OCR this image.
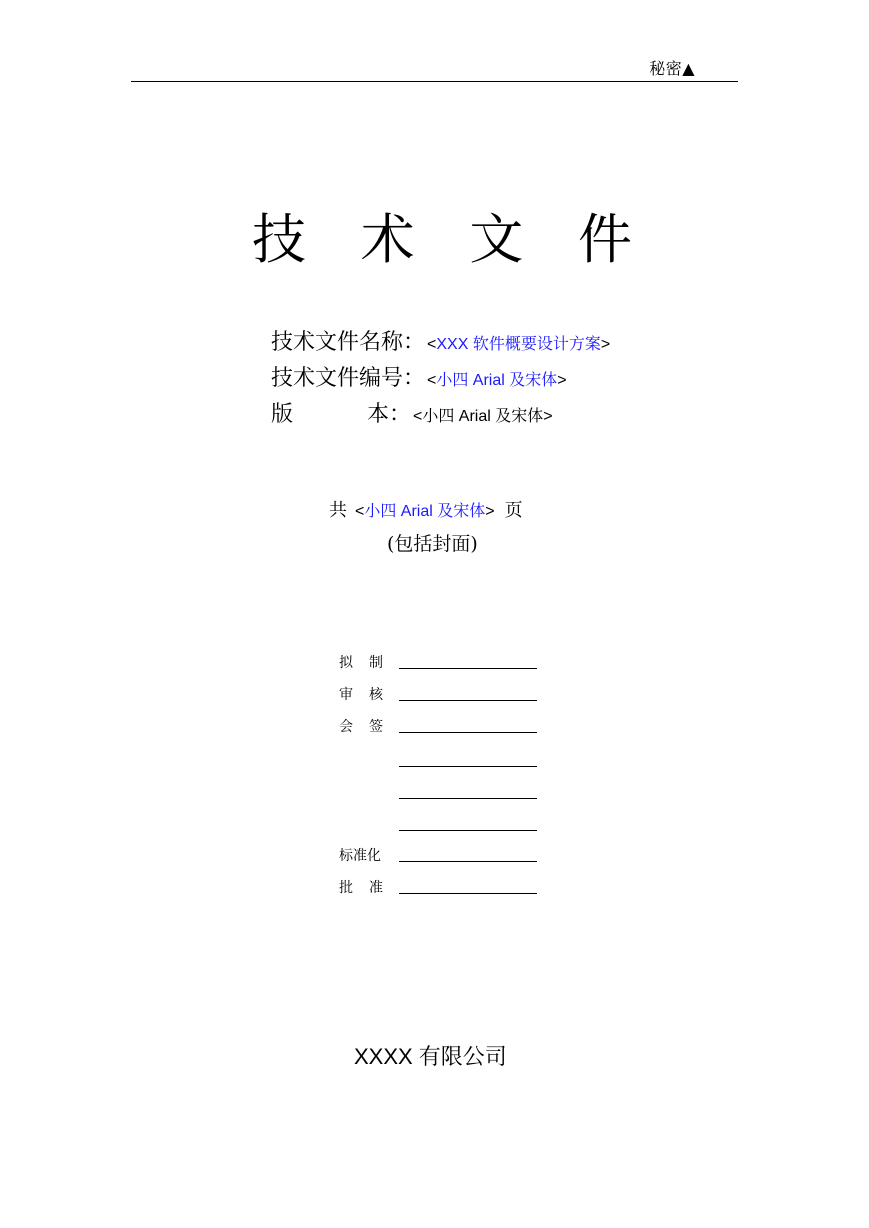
秘密▲
技 术 文 件
技术文件名称： <XXX 软件概要设计方案>
技术文件编号： <小四 Arial 及宋体>
版	本： <小四 Arial 及宋体>
共 <小四 Arial 及宋体> 页
(包括封面)
拟 制
审 核
会 签
标准化
批 准
XXXX 有限公司
